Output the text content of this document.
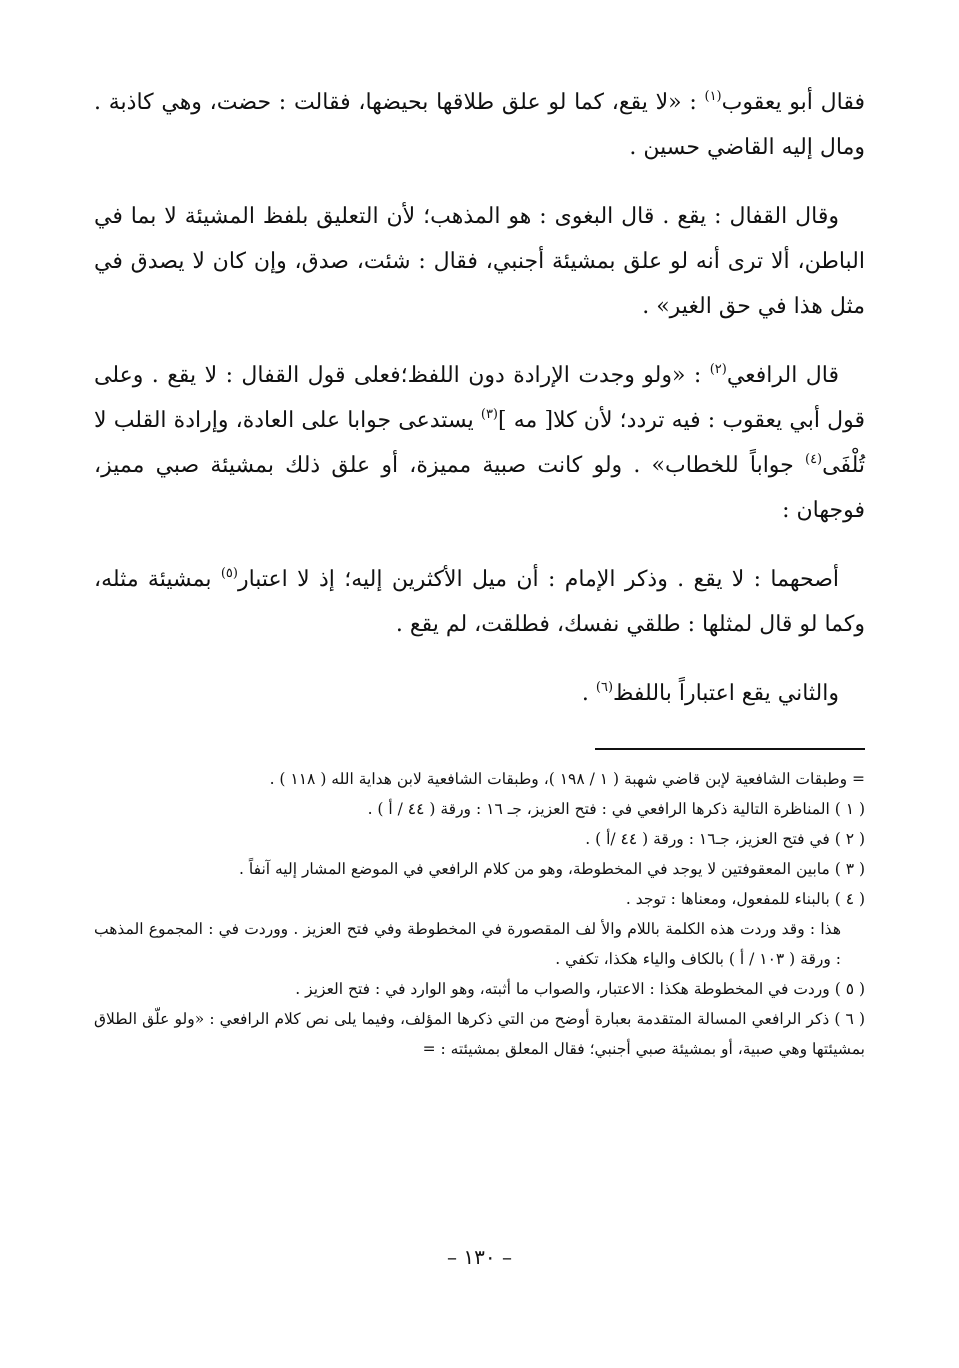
فقال أبو يعقوب$^{(١)}$ : «لا يقع، كما لو علق طلاقها بحيضها، فقالت : حضت، وهي كاذبة . ومال إليه القاضي حسين .

وقال القفال : يقع . قال البغوى : هو المذهب؛ لأن التعليق بلفظ المشيئة لا بما في الباطن، ألا ترى أنه لو علق بمشيئة أجنبي، فقال : شئت، صدق، وإن كان لا يصدق في مثل هذا في حق الغير» .

قال الرافعي$^{(٢)}$ : «ولو وجدت الإرادة دون اللفظ؛فعلى قول القفال : لا يقع . وعلى قول أبي يعقوب : فيه تردد؛ لأن كلا[ مه ]$^{(٣)}$ يستدعى جوابا على العادة، وإرادة القلب لا تُلْفَى$^{(٤)}$ جواباً للخطاب» . ولو كانت صبية مميزة، أو علق ذلك بمشيئة صبي مميز، فوجهان :

أصحهما : لا يقع . وذكر الإمام : أن ميل الأكثرين إليه؛ إذ لا اعتبار$^{(٥)}$ بمشيئة مثله، وكما لو قال لمثلها : طلقي نفسك، فطلقت، لم يقع .

والثاني يقع اعتباراً باللفظ$^{(٦)}$ .

= وطبقات الشافعية لإبن قاضي شهبة ( ١ / ١٩٨ )، وطبقات الشافعية لابن هداية الله ( ١١٨ ) .

( ١ ) المناظرة التالية ذكرها الرافعي في : فتح العزيز، جـ ١٦ : ورقة ( ٤٤ / أ ) .

( ٢ ) في فتح العزيز، جـ١٦ : ورقة ( ٤٤ /أ ) .

( ٣ ) مابين المعقوفتين لا يوجد في المخطوطة، وهو من كلام الرافعي في الموضع المشار إليه آنفاً .

( ٤ ) بالبناء للمفعول، ومعناها : توجد .

هذا : وقد وردت هذه الكلمة باللام والأ لف المقصورة في المخطوطة وفي فتح العزيز . ووردت في : المجموع المذهب : ورقة ( ١٠٣ / أ ) بالكاف والياء هكذا، تكفي .

( ٥ ) وردت في المخطوطة هكذا : الاعتبار، والصواب ما أثبته، وهو الوارد في : فتح العزيز .

( ٦ ) ذكر الرافعي المسالة المتقدمة بعبارة أوضح من التي ذكرها المؤلف، وفيما يلى نص كلام الرافعي : «ولو علّق الطلاق بمشيئتها وهي صبية، أو بمشيئة صبي أجنبي؛ فقال المعلق بمشيئته : =

– ١٣٠ –
